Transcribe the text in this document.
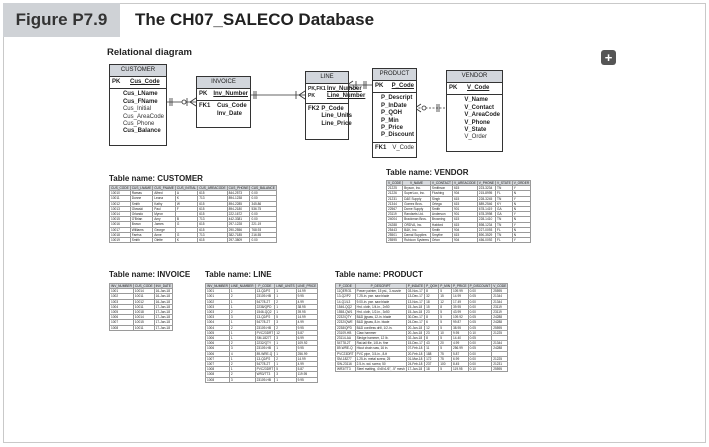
Figure P7.9	The CH07_SALECO Database
+
Relational diagram
CUSTOMER
PK	Cus_Code
Cus_LName
Cus_FName
Cus_Initial
Cus_AreaCode
Cus_Phone
Cus_Balance
INVOICE
PK Inv_Number
FK1	Cus_Code
Inv_Date
LINE
PK,FK1
PK
Inv_Number
Line_Number
FK2 P_Code
Line_Units
Line_Price
PRODUCT
PK	P_Code
P_Descript
P_InDate
P_QOH
P_Min
P_Price
P_Discount
FK1 V_Code
VENDOR
PK	V_Code
V_Name
V_Contact
V_AreaCode
V_Phone
V_State
V_Order
Table name: CUSTOMER
Table name: VENDOR
Table name: INVOICE Table name: LINE	Table name: PRODUCT
CUS_CODE	CUS_LNAME	CUS_FNAME	CUS_INITIAL	CUS_AREACODE	CUS_PHONE	CUS_BALANCE
10010	Ramas	Alfred	A	615	844-2573	0.00
10011	Dunne	Leona	K	713	894-1238	0.00
10012	Smith	Kathy	W	615	894-2285	345.86
10013	Olowski	Paul	F	615	894-2180	536.75
10014	Orlando	Myron		615	222-1672	0.00
10015	O'Brian	Amy	B	713	442-3381	0.00
10016	Brown	James	G	615	297-1228	221.19
10017	Williams	George		615	290-2556	768.93
10018	Farriss	Anne	G	713	382-7185	216.55
10019	Smith	Olette	K	615	297-3809	0.00
V_CODE	V_NAME	V_CONTACT	V_AREACODE	V_PHONE	V_STATE	V_ORDER
21225	Bryson, Inc.	Smithson	615	223-3234	TN	Y
21226	SuperLoo, Inc.	Flushing	904	215-8995	FL	N
21231	D&E Supply	Singh	615	228-3245	TN	Y
21344	Gomez Bros.	Ortega	615	889-2546	KY	N
22567	Dome Supply	Smith	901	678-1419	GA	N
23119	Randsets Ltd.	Anderson	901	678-3998	GA	Y
24004	Brackman Bros.	Browning	615	228-1410	TN	N
24288	ORDVA, Inc.	Hakford	615	898-1234	TN	Y
25443	B&K, Inc.	Smith	904	227-0093	FL	N
25501	Damal Supplies	Smythe	615	890-3529	TN	N
25595	Rubicon Systems	Orton	904	456-0092	FL	Y
INV_NUMBER	CUS_CODE	INV_DATE
1001	10014	16-Jan-18
1002	10011	16-Jan-18
1003	10012	16-Jan-18
1004	10011	17-Jan-18
1005	10018	17-Jan-18
1006	10014	17-Jan-18
1007	10015	17-Jan-18
1008	10011	17-Jan-18
INV_NUMBER	LINE_NUMBER	P_CODE	LINE_UNITS	LINE_PRICE
1001	1	13-Q2/P2	1	14.99
1001	2	23109-HB	1	9.95
1002	1	54778-2T	2	4.99
1003	1	2238/QPD	1	38.95
1003	2	1546-QQ2	1	39.95
1003	3	13-Q2/P2	5	14.99
1004	1	54778-2T	3	4.99
1004	2	23109-HB	2	9.95
1005	1	PVC23DRT	12	5.87
1006	1	SM-18277	3	6.99
1006	2	2232/QTY	1	109.92
1006	3	23109-HB	1	9.95
1006	4	89-WRE-Q	1	256.99
1007	1	13-Q2/P2	2	14.99
1007	2	54778-2T	1	4.99
1008	1	PVC23DRT	5	5.87
1008	2	WR3/TT3	3	119.95
1008	3	23109-HB	1	9.95
P_CODE	P_DESCRIPT	P_INDATE	P_QOH	P_MIN	P_PRICE	P_DISCOUNT	V_CODE
11QER/31	Power painter, 15 psi., 3-nozzle	03-Nov-17	8	5	109.99	0.00	25595
13-Q2/P2	7.25-in. pwr. saw blade	13-Dec-17	32	15	14.99	0.05	21344
14-Q1/L3	9.00-in. pwr. saw blade	13-Nov-17	18	12	17.49	0.00	21344
1546-QQ2	Hrd. cloth, 1/4-in., 2x50	15-Jan-18	15	8	39.95	0.00	23119
1558-QW1	Hrd. cloth, 1/2-in., 3x50	15-Jan-18	23	5	43.99	0.00	23119
2232/QTY	B&D jigsaw, 12-in. blade	30-Dec-17	8	5	109.92	0.05	24288
2232/QWE	B&D jigsaw, 8-in. blade	24-Dec-17	6	5	99.87	0.05	24288
2238/QPD	B&D cordless drill, 1/2-in.	20-Jan-18	12	5	38.95	0.05	25595
23109-HB	Claw hammer	20-Jan-18	23	10	9.95	0.10	21225
23114-AA	Sledge hammer, 12 lb.	02-Jan-18	8	5	14.40	0.05	
54778-2T	Rat-tail file, 1/8-in. fine	15-Dec-17	43	20	4.99	0.00	21344
89-WRE-Q	Hicut chain saw, 16 in.	07-Feb-18	11	5	256.99	0.05	24288
PVC23DRT	PVC pipe, 3.5-in., 8-ft	20-Feb-18	188	75	5.87	0.00	
SM-18277	1.25-in. metal screw, 25	01-Mar-18	172	75	6.99	0.00	21225
SW-23116	2.5-in. wd. screw, 50	24-Feb-18	237	100	8.45	0.00	21231
WR3/TT3	Steel matting, 4'x8'x1/6", .5" mesh	17-Jan-18	18	5	119.95	0.10	25595
